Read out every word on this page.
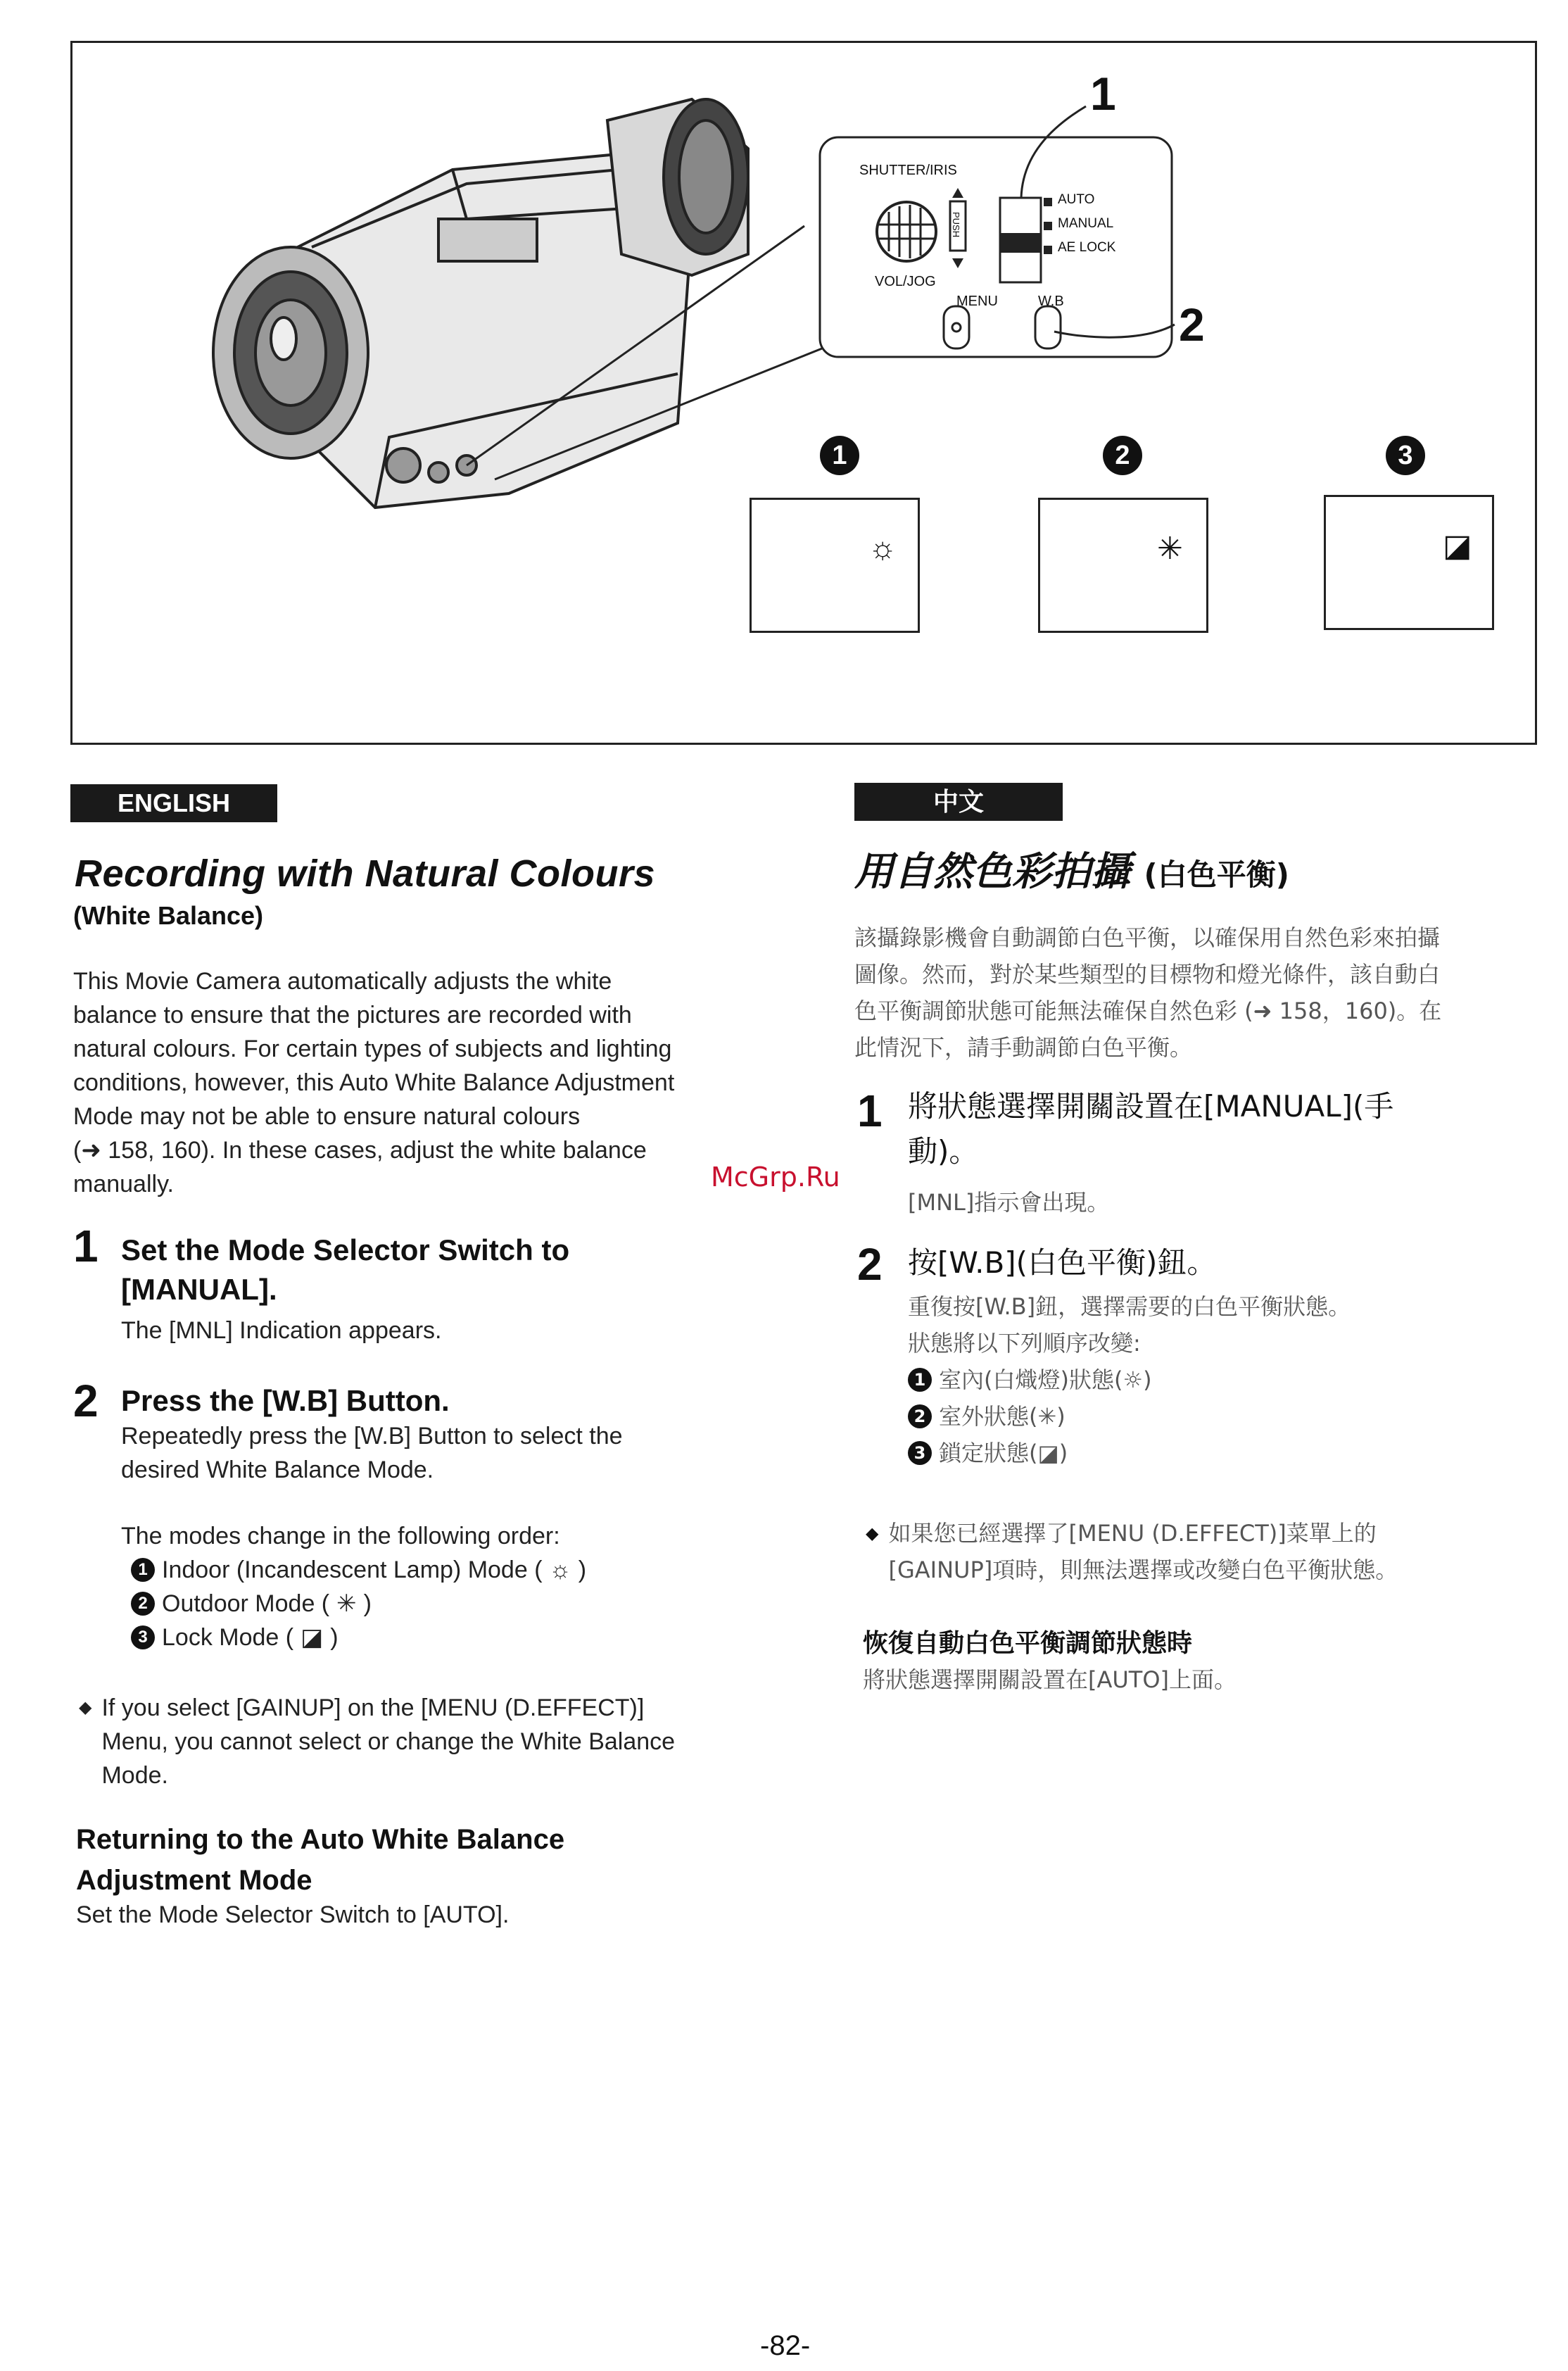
1
2
SHUTTER/IRIS
PUSH
VOL/JOG
MENU	W.B
AUTO
MANUAL
AE LOCK
1
☼
2
✳
3
◪
ENGLISH
Recording with Natural Colours
(White Balance)
This Movie Camera automatically adjusts the white
balance to ensure that the pictures are recorded with
natural colours. For certain types of subjects and lighting
conditions, however, this Auto White Balance Adjustment
Mode may not be able to ensure natural colours
(➜ 158, 160). In these cases, adjust the white balance
manually.	McGrp.Ru
1 Set the Mode Selector Switch to
[MANUAL].
The [MNL] Indication appears.
2 Press the [W.B] Button.
Repeatedly press the [W.B] Button to select the
desired White Balance Mode.
The modes change in the following order:
1 Indoor (Incandescent Lamp) Mode ( ☼ )
2 Outdoor Mode ( ✳ )
3 Lock Mode ( ◪ )
◆ If you select [GAINUP] on the [MENU (D.EFFECT)]
Menu, you cannot select or change the White Balance
Mode.
Returning to the Auto White Balance
Adjustment Mode
Set the Mode Selector Switch to [AUTO].
中文
用自然色彩拍攝 (白色平衡)
該攝錄影機會自動調節白色平衡，以確保用自然色彩來拍攝
圖像。然而，對於某些類型的目標物和燈光條件，該自動白
色平衡調節狀態可能無法確保自然色彩 (➜ 158，160)。在
此情況下，請手動調節白色平衡。
1 將狀態選擇開關設置在[MANUAL](手
動)。
[MNL]指示會出現。
2 按[W.B](白色平衡)鈕。
重復按[W.B]鈕，選擇需要的白色平衡狀態。
狀態將以下列順序改變:
1 室內(白熾燈)狀態(☼)
2 室外狀態(✳)
3 鎖定狀態(◪)
◆ 如果您已經選擇了[MENU (D.EFFECT)]菜單上的
[GAINUP]項時，則無法選擇或改變白色平衡狀態。
恢復自動白色平衡調節狀態時
將狀態選擇開關設置在[AUTO]上面。
-82-
